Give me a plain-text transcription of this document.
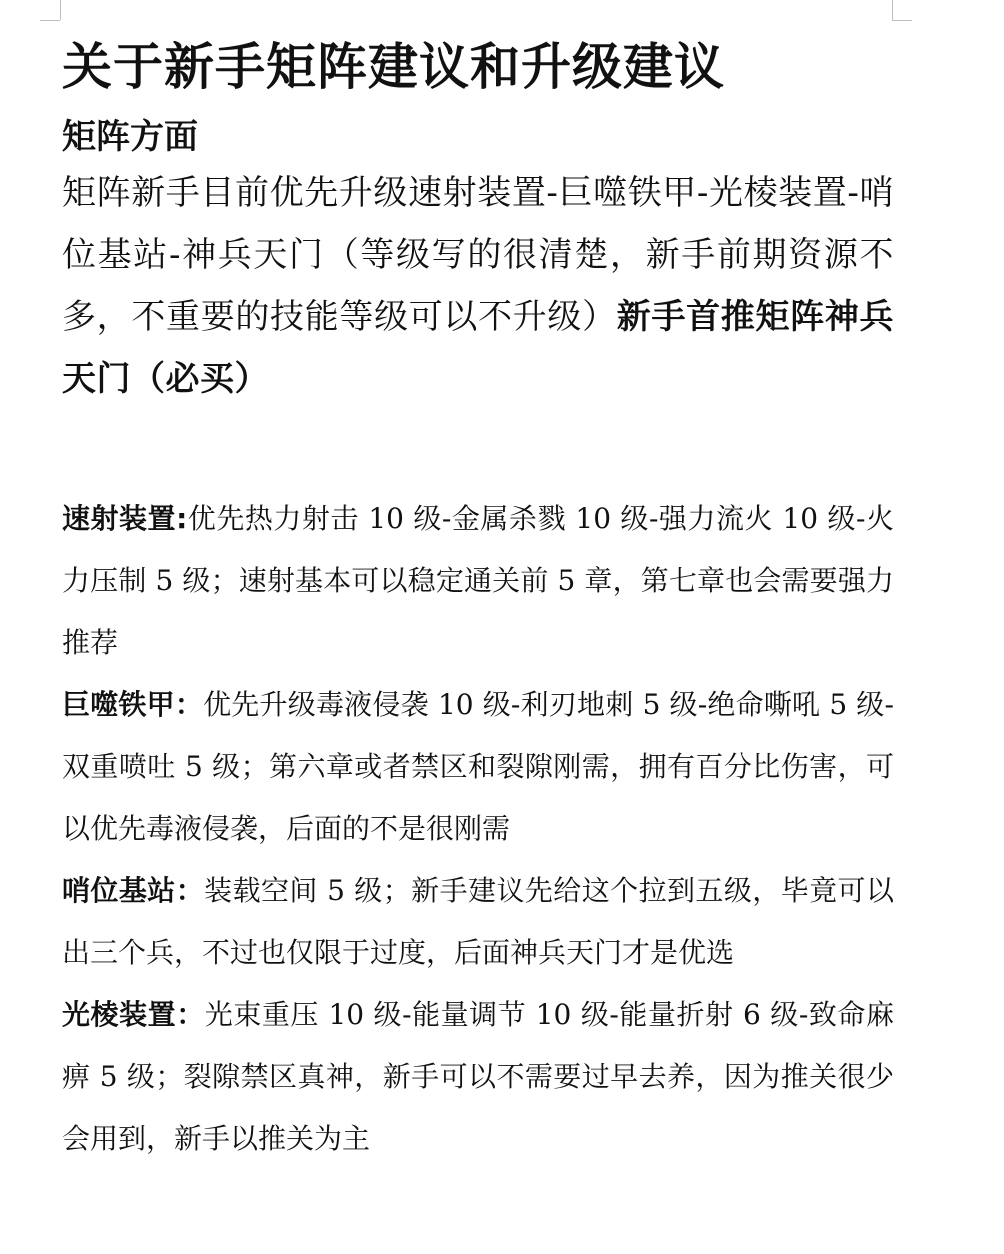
关于新手矩阵建议和升级建议
矩阵方面

矩阵新手目前优先升级速射装置-巨噬铁甲-光棱装置-哨位基站-神兵天门（等级写的很清楚，新手前期资源不多，不重要的技能等级可以不升级）新手首推矩阵神兵天门（必买）

速射装置:优先热力射击 10 级-金属杀戮 10 级-强力流火 10 级-火力压制 5 级；速射基本可以稳定通关前 5 章，第七章也会需要强力推荐

巨噬铁甲：优先升级毒液侵袭 10 级-利刃地刺 5 级-绝命嘶吼 5 级-双重喷吐 5 级；第六章或者禁区和裂隙刚需，拥有百分比伤害，可以优先毒液侵袭，后面的不是很刚需

哨位基站：装载空间 5 级；新手建议先给这个拉到五级，毕竟可以出三个兵，不过也仅限于过度，后面神兵天门才是优选

光棱装置：光束重压 10 级-能量调节 10 级-能量折射 6 级-致命麻痹 5 级；裂隙禁区真神，新手可以不需要过早去养，因为推关很少会用到，新手以推关为主
